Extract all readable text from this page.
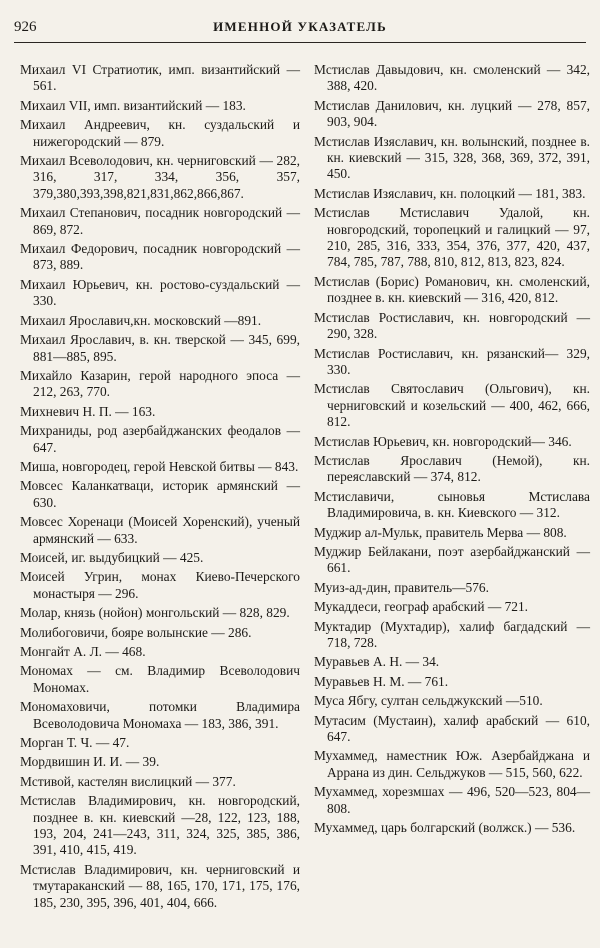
926	ИМЕННОЙ УКАЗАТЕЛЬ

Михаил VI Стратиотик, имп. византийский — 561.

Михаил VII, имп. византийский — 183.

Михаил Андреевич, кн. суздальский и нижегородский — 879.

Михаил Всеволодович, кн. черниговский — 282, 316, 317, 334, 356, 357, 379,380,393,398,821,831,862,866,867.

Михаил Степанович, посадник новгородский — 869, 872.

Михаил Федорович, посадник новгородский — 873, 889.

Михаил Юрьевич, кн. ростово-суздальский — 330.

Михаил Ярославич,кн. московский —891.

Михаил Ярославич, в. кн. тверской — 345, 699, 881—885, 895.

Михайло Казарин, герой народного эпоса — 212, 263, 770.

Михневич Н. П. — 163.

Михраниды, род азербайджанских феодалов — 647.

Миша, новгородец, герой Невской битвы — 843.

Мовсес Каланкатваци, историк армянский — 630.

Мовсес Хоренаци (Моисей Хоренский), ученый армянский — 633.

Моисей, иг. выдубицкий — 425.

Моисей Угрин, монах Киево-Печерского монастыря — 296.

Молар, князь (нойон) монгольский — 828, 829.

Молибоговичи, бояре волынские — 286.

Монгайт А. Л. — 468.

Мономах — см. Владимир Всеволодович Мономах.

Мономаховичи, потомки Владимира Всеволодовича Мономаха — 183, 386, 391.

Морган Т. Ч. — 47.

Мордвишин И. И. — 39.

Мстивой, кастелян вислицкий — 377.

Мстислав Владимирович, кн. новгородский, позднее в. кн. киевский —28, 122, 123, 188, 193, 204, 241—243, 311, 324, 325, 385, 386, 391, 410, 415, 419.

Мстислав Владимирович, кн. черниговский и тмутараканский — 88, 165, 170, 171, 175, 176, 185, 230, 395, 396, 401, 404, 666.

Мстислав Давыдович, кн. смоленский — 342, 388, 420.

Мстислав Данилович, кн. луцкий — 278, 857, 903, 904.

Мстислав Изяславич, кн. волынский, позднее в. кн. киевский — 315, 328, 368, 369, 372, 391, 450.

Мстислав Изяславич, кн. полоцкий — 181, 383.

Мстислав Мстиславич Удалой, кн. новгородский, торопецкий и галицкий — 97, 210, 285, 316, 333, 354, 376, 377, 420, 437, 784, 785, 787, 788, 810, 812, 813, 823, 824.

Мстислав (Борис) Романович, кн. смоленский, позднее в. кн. киевский — 316, 420, 812.

Мстислав Ростиславич, кн. новгородский — 290, 328.

Мстислав Ростиславич, кн. рязанский— 329, 330.

Мстислав Святославич (Ольгович), кн. черниговский и козельский — 400, 462, 666, 812.

Мстислав Юрьевич, кн. новгородский— 346.

Мстислав Ярославич (Немой), кн. переяславский — 374, 812.

Мстиславичи, сыновья Мстислава Владимировича, в. кн. Киевского — 312.

Муджир ал-Мульк, правитель Мерва — 808.

Муджир Бейлакани, поэт азербайджанский — 661.

Муиз-ад-дин, правитель—576.

Мукаддеси, географ арабский — 721.

Муктадир (Мухтадир), халиф багдадский — 718, 728.

Муравьев А. Н. — 34.

Муравьев Н. М. — 761.

Муса Ябгу, султан сельджукский —510.

Мутасим (Мустаин), халиф арабский — 610, 647.

Мухаммед, наместник Юж. Азербайджана и Аррана из дин. Сельджуков — 515, 560, 622.

Мухаммед, хорезмшах — 496, 520—523, 804—808.

Мухаммед, царь болгарский (волжск.) — 536.
